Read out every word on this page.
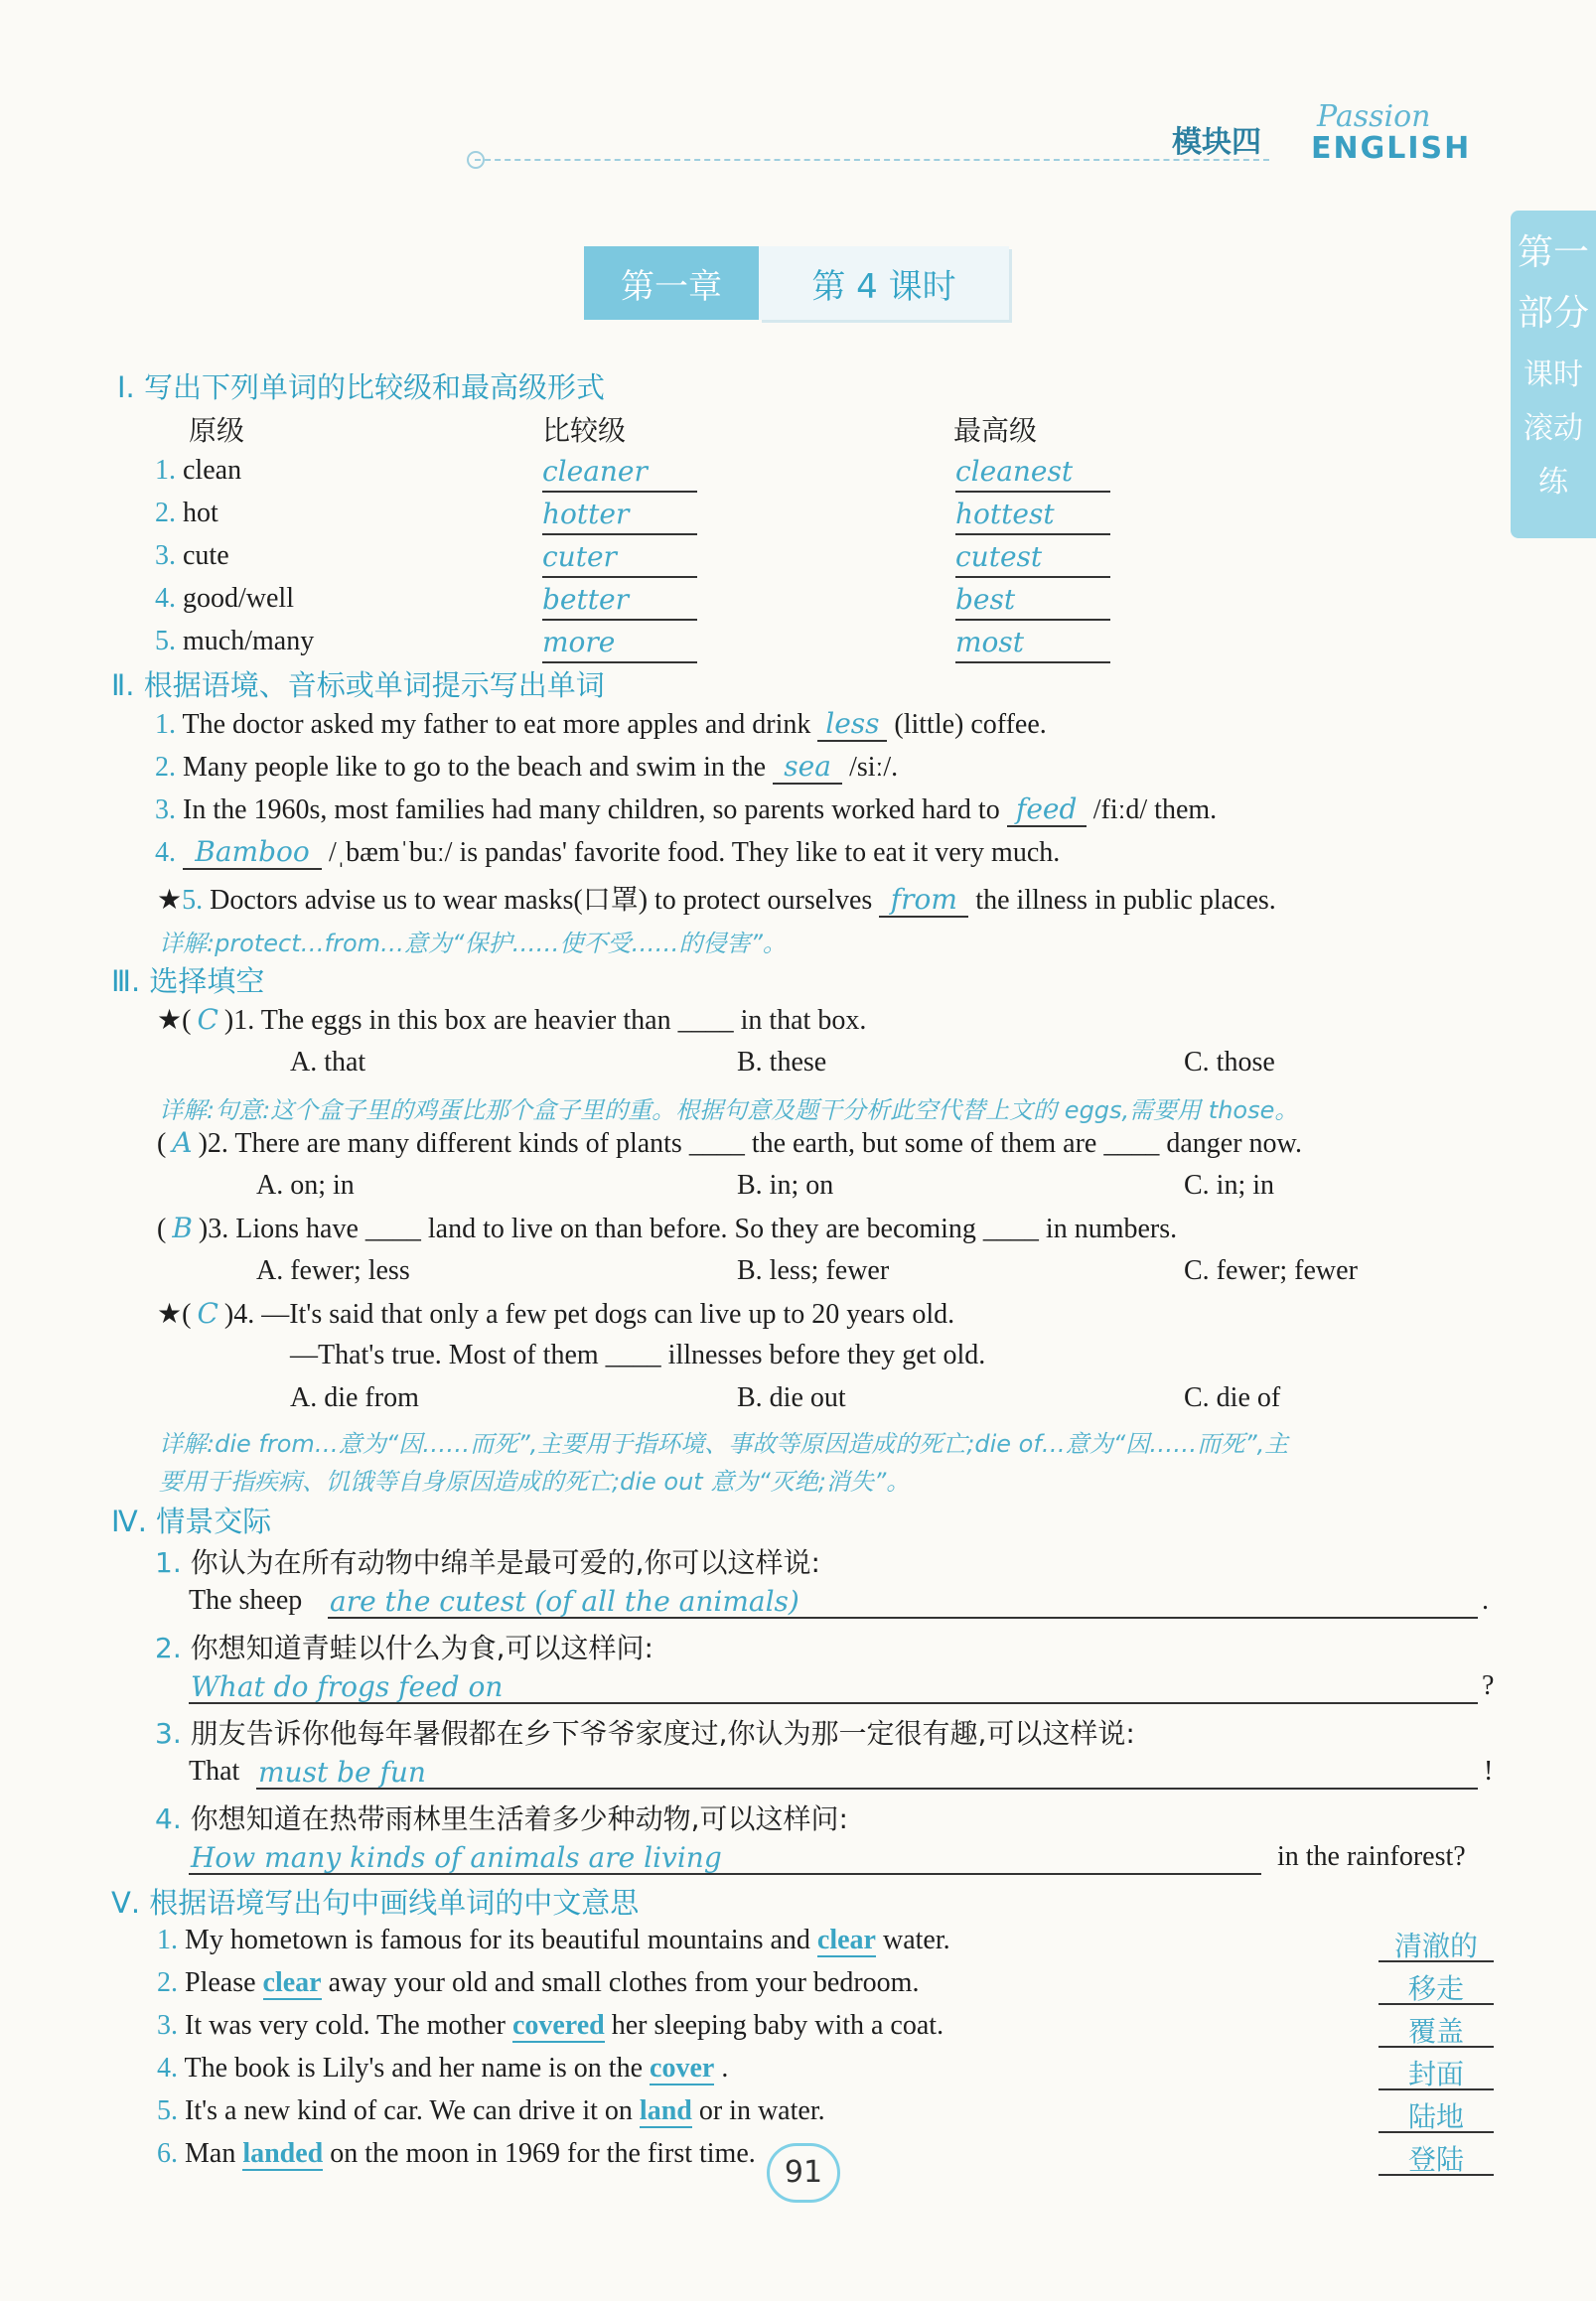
模块四
Passion
ENGLISH
第一
部分
课时
滚动
练
第一章	第 4 课时
Ⅰ. 写出下列单词的比较级和最高级形式
原级	比较级	最高级
1. clean	cleaner	cleanest
2. hot	hotter	hottest
3. cute	cuter	cutest
4. good/well	better	best
5. much/many	more	most
Ⅱ. 根据语境、音标或单词提示写出单词
1. The doctor asked my father to eat more apples and drink less (little) coffee.
2. Many people like to go to the beach and swim in the sea /siː/.
3. In the 1960s, most families had many children, so parents worked hard to feed /fiːd/ them.
4. Bamboo /ˌbæmˈbuː/ is pandas' favorite food. They like to eat it very much.
★5. Doctors advise us to wear masks(口罩) to protect ourselves from the illness in public places.
详解:protect…from…意为“保护……使不受……的侵害”。
Ⅲ. 选择填空
★( C )1. The eggs in this box are heavier than ____ in that box.
A. that	B. these	C. those
详解:句意:这个盒子里的鸡蛋比那个盒子里的重。根据句意及题干分析此空代替上文的 eggs,需要用 those。
( A )2. There are many different kinds of plants ____ the earth, but some of them are ____ danger now.
A. on; in	B. in; on	C. in; in
( B )3. Lions have ____ land to live on than before. So they are becoming ____ in numbers.
A. fewer; less	B. less; fewer	C. fewer; fewer
★( C )4. —It's said that only a few pet dogs can live up to 20 years old.
—That's true. Most of them ____ illnesses before they get old.
A. die from	B. die out	C. die of
详解:die from…意为“因……而死”,主要用于指环境、事故等原因造成的死亡;die of…意为“因……而死”,主
要用于指疾病、饥饿等自身原因造成的死亡;die out 意为“灭绝;消失”。
Ⅳ. 情景交际
1. 你认为在所有动物中绵羊是最可爱的,你可以这样说:
The sheep are the cutest (of all the animals)	.
2. 你想知道青蛙以什么为食,可以这样问:
What do frogs feed on	?
3. 朋友告诉你他每年暑假都在乡下爷爷家度过,你认为那一定很有趣,可以这样说:
That must be fun	!
4. 你想知道在热带雨林里生活着多少种动物,可以这样问:
How many kinds of animals are living	in the rainforest?
Ⅴ. 根据语境写出句中画线单词的中文意思
1. My hometown is famous for its beautiful mountains and clear water.	清澈的
2. Please clear away your old and small clothes from your bedroom.	移走
3. It was very cold. The mother covered her sleeping baby with a coat.	覆盖
4. The book is Lily's and her name is on the cover .	封面
5. It's a new kind of car. We can drive it on land or in water.	陆地
6. Man landed on the moon in 1969 for the first time.	登陆
91
